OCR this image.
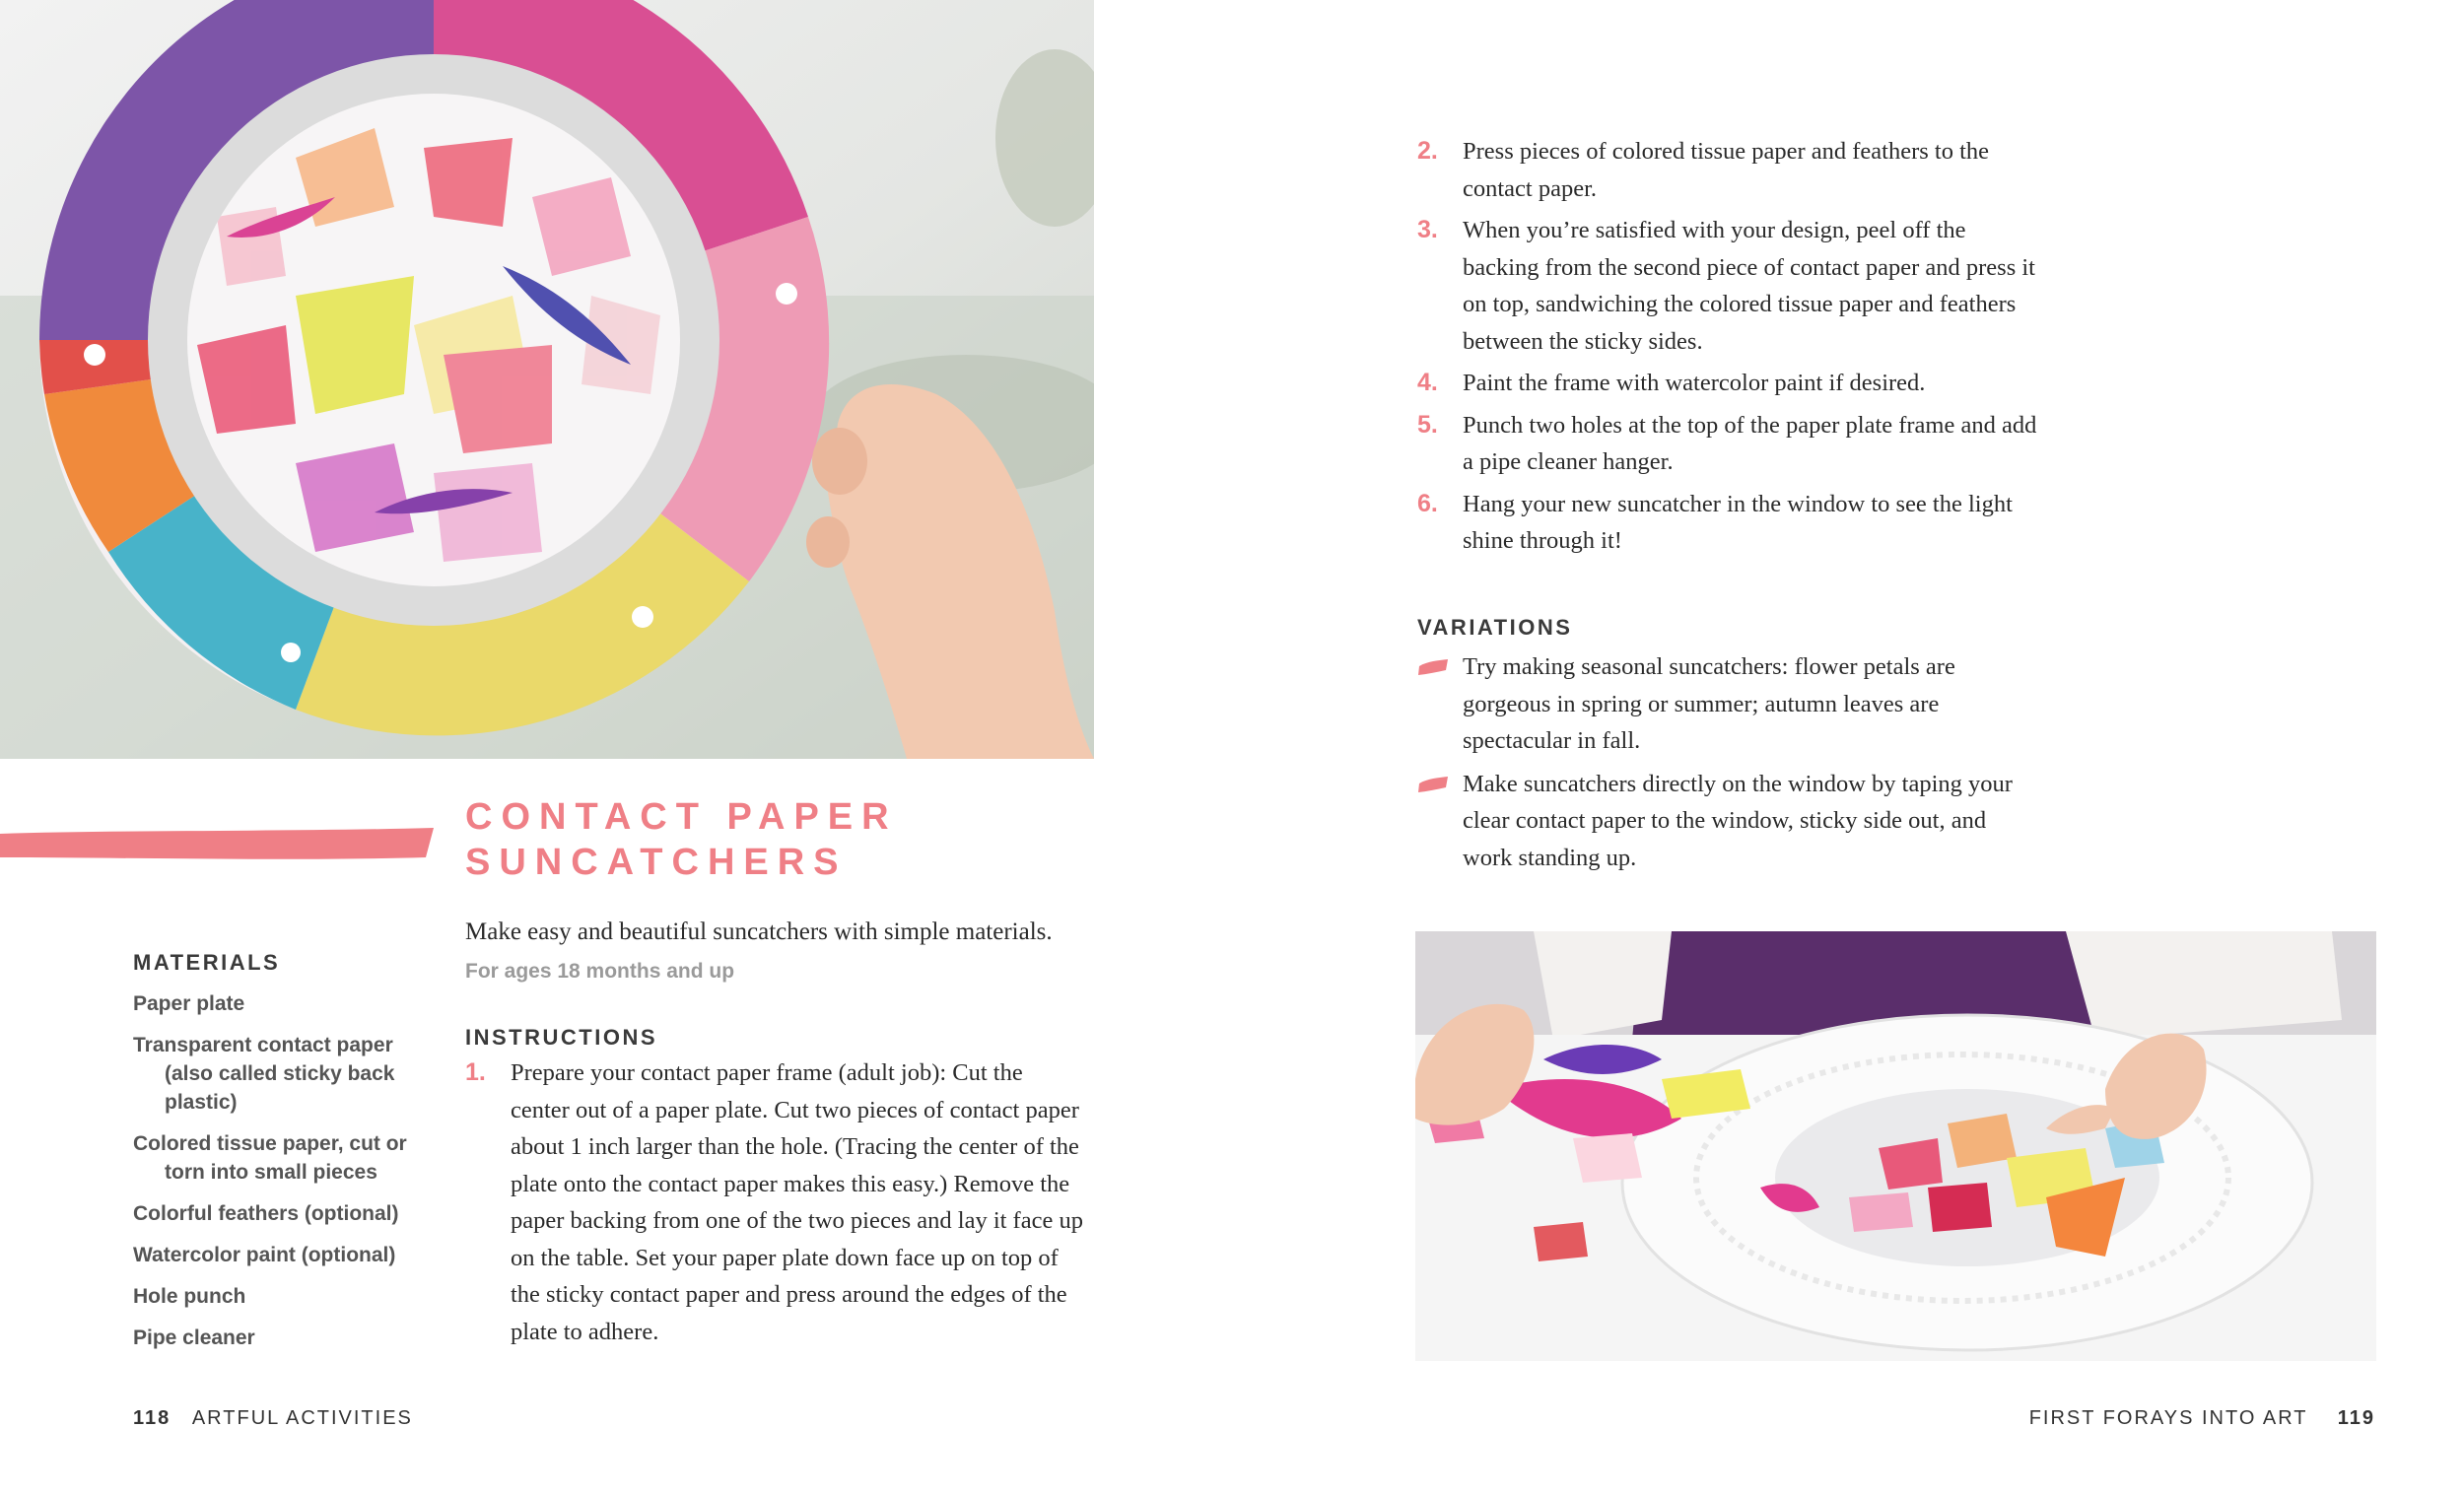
CONTACT PAPER
SUNCATCHERS
MATERIALS
Paper plate
Transparent contact paper (also called sticky back plastic)
Colored tissue paper, cut or torn into small pieces
Colorful feathers (optional)
Watercolor paint (optional)
Hole punch
Pipe cleaner
Make easy and beautiful suncatchers with simple materials.
For ages 18 months and up
INSTRUCTIONS
1. Prepare your contact paper frame (adult job): Cut the center out of a paper plate. Cut two pieces of contact paper about 1 inch larger than the hole. (Tracing the center of the plate onto the contact paper makes this easy.) Remove the paper backing from one of the two pieces and lay it face up on the table. Set your paper plate down face up on top of the sticky contact paper and press around the edges of the plate to adhere.
2. Press pieces of colored tissue paper and feathers to the contact paper.
3. When you’re satisfied with your design, peel off the backing from the second piece of contact paper and press it on top, sandwiching the colored tissue paper and feathers between the sticky sides.
4. Paint the frame with watercolor paint if desired.
5. Punch two holes at the top of the paper plate frame and add a pipe cleaner hanger.
6. Hang your new suncatcher in the window to see the light shine through it!
VARIATIONS
Try making seasonal suncatchers: flower petals are gorgeous in spring or summer; autumn leaves are spectacular in fall.
Make suncatchers directly on the window by taping your clear contact paper to the window, sticky side out, and work standing up.
118 ARTFUL ACTIVITIES	FIRST FORAYS INTO ART 119
